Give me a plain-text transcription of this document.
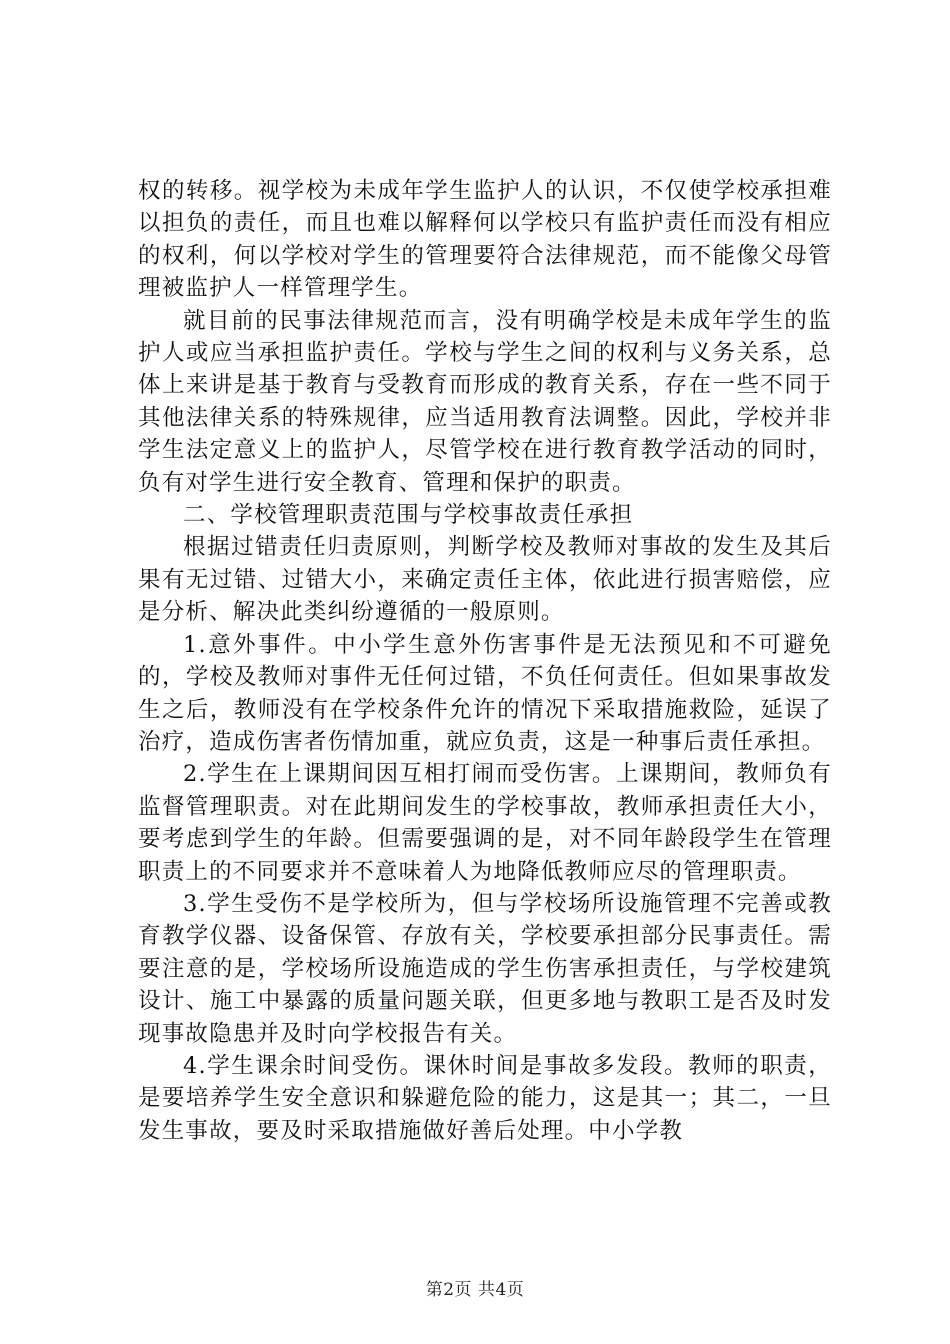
权的转移。视学校为未成年学生监护人的认识，不仅使学校承担难以担负的责任，而且也难以解释何以学校只有监护责任而没有相应的权利，何以学校对学生的管理要符合法律规范，而不能像父母管理被监护人一样管理学生。

就目前的民事法律规范而言，没有明确学校是未成年学生的监护人或应当承担监护责任。学校与学生之间的权利与义务关系，总体上来讲是基于教育与受教育而形成的教育关系，存在一些不同于其他法律关系的特殊规律，应当适用教育法调整。因此，学校并非学生法定意义上的监护人，尽管学校在进行教育教学活动的同时，负有对学生进行安全教育、管理和保护的职责。

二、学校管理职责范围与学校事故责任承担

根据过错责任归责原则，判断学校及教师对事故的发生及其后果有无过错、过错大小，来确定责任主体，依此进行损害赔偿，应是分析、解决此类纠纷遵循的一般原则。

1.意外事件。中小学生意外伤害事件是无法预见和不可避免的，学校及教师对事件无任何过错，不负任何责任。但如果事故发生之后，教师没有在学校条件允许的情况下采取措施救险，延误了治疗，造成伤害者伤情加重，就应负责，这是一种事后责任承担。

2.学生在上课期间因互相打闹而受伤害。上课期间，教师负有监督管理职责。对在此期间发生的学校事故，教师承担责任大小，要考虑到学生的年龄。但需要强调的是，对不同年龄段学生在管理职责上的不同要求并不意味着人为地降低教师应尽的管理职责。

3.学生受伤不是学校所为，但与学校场所设施管理不完善或教育教学仪器、设备保管、存放有关，学校要承担部分民事责任。需要注意的是，学校场所设施造成的学生伤害承担责任，与学校建筑设计、施工中暴露的质量问题关联，但更多地与教职工是否及时发现事故隐患并及时向学校报告有关。

4.学生课余时间受伤。课休时间是事故多发段。教师的职责，是要培养学生安全意识和躲避危险的能力，这是其一；其二，一旦发生事故，要及时采取措施做好善后处理。中小学教

第2页 共4页
